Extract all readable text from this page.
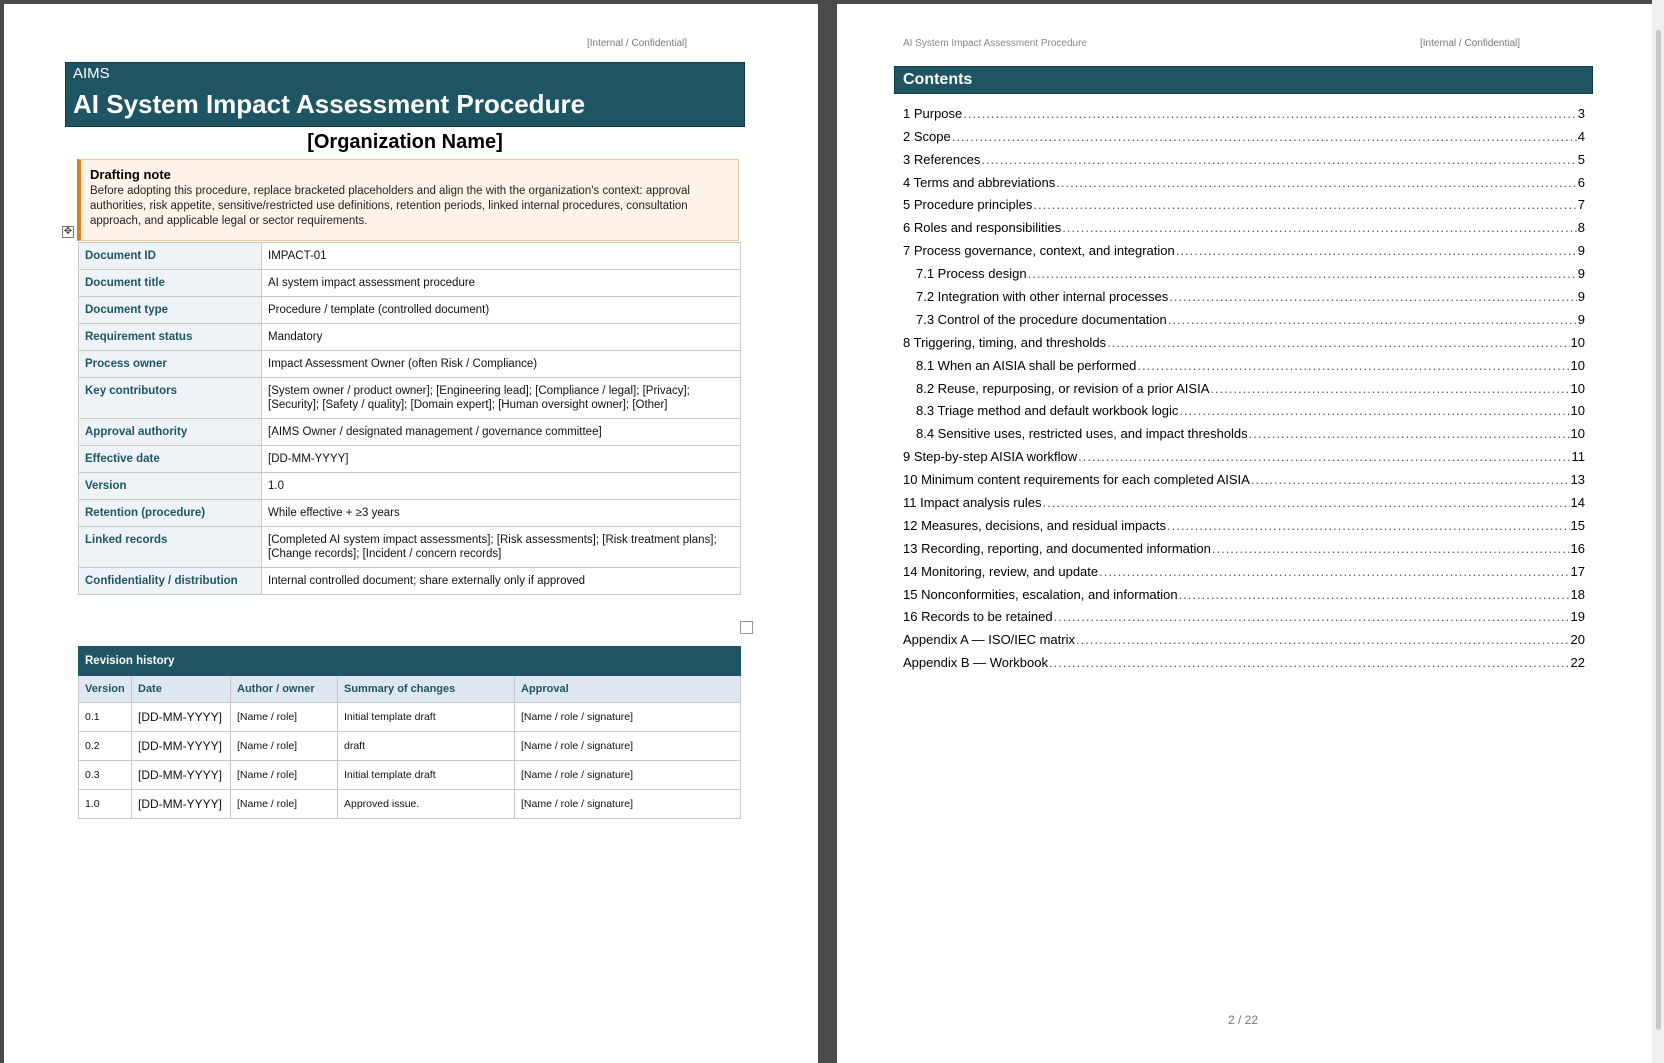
[Internal / Confidential]
AIMS
AI System Impact Assessment Procedure
[Organization Name]
Drafting note
Before adopting this procedure, replace bracketed placeholders and align the with the organization's context: approval authorities, risk appetite, sensitive/restricted use definitions, retention periods, linked internal procedures, consultation approach, and applicable legal or sector requirements.
✥
Document ID	IMPACT-01
Document title	AI system impact assessment procedure
Document type	Procedure / template (controlled document)
Requirement status	Mandatory
Process owner	Impact Assessment Owner (often Risk / Compliance)
Key contributors	[System owner / product owner]; [Engineering lead]; [Compliance / legal]; [Privacy]; [Security]; [Safety / quality]; [Domain expert]; [Human oversight owner]; [Other]
Approval authority	[AIMS Owner / designated management / governance committee]
Effective date	[DD-MM-YYYY]
Version	1.0
Retention (procedure)	While effective + ≥3 years
Linked records	[Completed AI system impact assessments]; [Risk assessments]; [Risk treatment plans]; [Change records]; [Incident / concern records]
Confidentiality / distribution	Internal controlled document; share externally only if approved
Revision history				
Version	Date	Author / owner	Summary of changes	Approval
0.1	[DD-MM-YYYY]	[Name / role]	Initial template draft	[Name / role / signature]
0.2	[DD-MM-YYYY]	[Name / role]	draft	[Name / role / signature]
0.3	[DD-MM-YYYY]	[Name / role]	Initial template draft	[Name / role / signature]
1.0	[DD-MM-YYYY]	[Name / role]	Approved issue.	[Name / role / signature]
AI System Impact Assessment Procedure	[Internal / Confidential]
Contents
1 Purpose .....	3
2 Scope .....	4
3 References .....	5
4 Terms and abbreviations .....	6
5 Procedure principles .....	7
6 Roles and responsibilities .....	8
7 Process governance, context, and integration .....	9
7.1 Process design .....	9
7.2 Integration with other internal processes .....	9
7.3 Control of the procedure documentation .....	9
8 Triggering, timing, and thresholds .....	10
8.1 When an AISIA shall be performed .....	10
8.2 Reuse, repurposing, or revision of a prior AISIA .....	10
8.3 Triage method and default workbook logic .....	10
8.4 Sensitive uses, restricted uses, and impact thresholds .....	10
9 Step-by-step AISIA workflow .....	11
10 Minimum content requirements for each completed AISIA .....	13
11 Impact analysis rules .....	14
12 Measures, decisions, and residual impacts .....	15
13 Recording, reporting, and documented information .....	16
14 Monitoring, review, and update .....	17
15 Nonconformities, escalation, and information .....	18
16 Records to be retained .....	19
Appendix A — ISO/IEC matrix .....	20
Appendix B — Workbook .....	22
2 / 22
